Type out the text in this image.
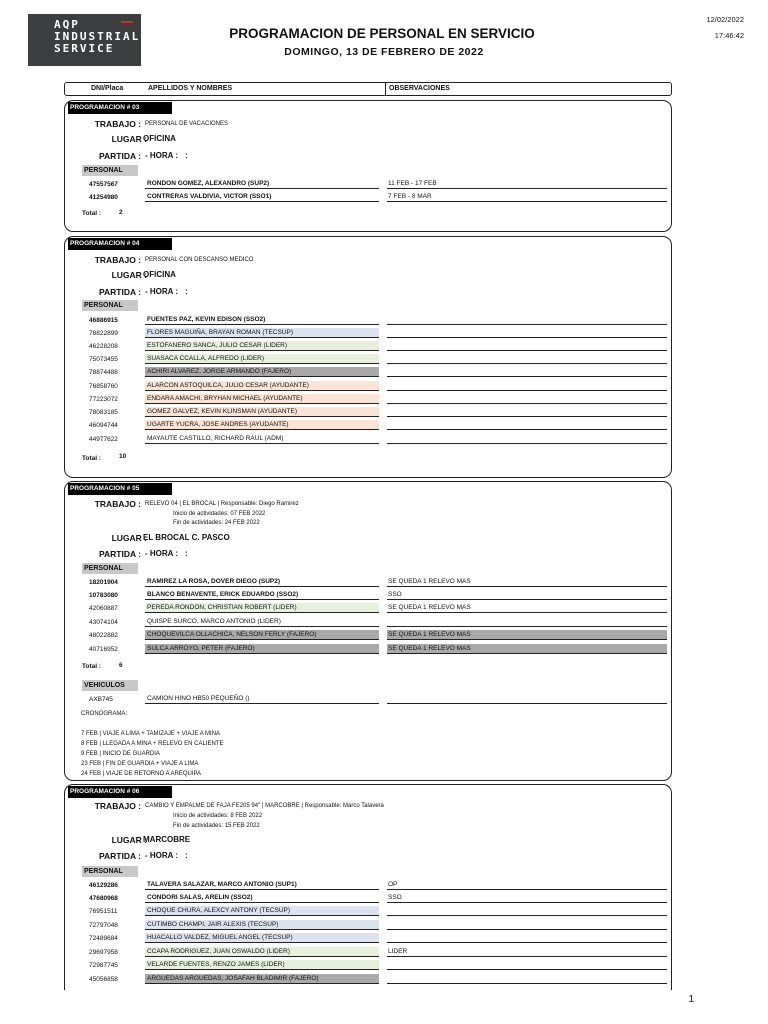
AQP
INDUSTRIAL
SERVICE
PROGRAMACION DE PERSONAL EN SERVICIO
DOMINGO, 13 DE FEBRERO DE 2022
12/02/2022
17:46:42
DNI/Placa	APELLIDOS Y NOMBRES	OBSERVACIONES
PROGRAMACION # 03
TRABAJO : PERSONAL DE VACACIONES
LUGAR :
OFICINA
PARTIDA : - HORA : :
PERSONAL
47557567	RONDON GOMEZ, ALEXANDRO (SUP2)	11 FEB - 17 FEB
41254980	CONTRERAS VALDIVIA, VICTOR (SSO1)	7 FEB - 8 MAR
Total :	2
PROGRAMACION # 04
TRABAJO : PERSONAL CON DESCANSO MEDICO
LUGAR :
OFICINA
PARTIDA : - HORA : :
PERSONAL
46886915	FUENTES PAZ, KEVIN EDISON (SSO2)
78822899	FLORES MAGUIÑA, BRAYAN ROMAN (TECSUP)
46228208	ESTOFANERO SANCA, JULIO CESAR (LIDER)
75073455	SUASACA CCALLA, ALFREDO (LIDER)
78874488	ACHIRI ALVAREZ, JORGE ARMANDO (FAJERO)
76858760	ALARCON ASTOQUILCA, JULIO CESAR (AYUDANTE)
77223072	ENDARA AMACHI, BRYHAN MICHAEL (AYUDANTE)
78083185	GOMEZ GALVEZ, KEVIN KLINSMAN (AYUDANTE)
46094744	UGARTE YUCRA, JOSE ANDRES (AYUDANTE)
44977622	MAYAUTE CASTILLO, RICHARD RAUL (ADM)
Total :	10
PROGRAMACION # 05
TRABAJO : RELEVO 04 | EL BROCAL | Responsable: Diego Ramirez
Inicio de actividades: 07 FEB 2022
Fin de actividades: 24 FEB 2022
LUGAR :
EL BROCAL C. PASCO
PARTIDA : - HORA : :
PERSONAL
18201904	RAMIREZ LA ROSA, DOVER DIEGO (SUP2)	SE QUEDA 1 RELEVO MAS
10783080	BLANCO BENAVENTE, ERICK EDUARDO (SSO2)	SSO
42060887	PEREDA RONDON, CHRISTIAN ROBERT (LIDER)	SE QUEDA 1 RELEVO MAS
43074104	QUISPE SURCO, MARCO ANTONIO (LIDER)
48022882	CHOQUEVILCA OLLACHICA, NELSON FERLY (FAJERO)	SE QUEDA 1 RELEVO MAS
40716952	SULCA ARROYO, PETER (FAJERO)	SE QUEDA 1 RELEVO MAS
Total :	6
VEHICULOS
AXB745	CAMION HINO HB50 PEQUEÑO ()
CRONOGRAMA:
7 FEB | VIAJE A LIMA + TAMIZAJE + VIAJE A MINA
8 FEB | LLEGADA A MINA + RELEVO EN CALIENTE
9 FEB | INICIO DE GUARDIA
23 FEB | FIN DE GUARDIA + VIAJE A LIMA
24 FEB | VIAJE DE RETORNO A AREQUIPA
PROGRAMACION # 06
TRABAJO : CAMBIO Y EMPALME DE FAJA FE205 94" | MARCOBRE | Responsable: Marco Talavera
Inicio de actividades: 8 FEB 2022
Fin de actividades: 15 FEB 2022
LUGAR :
MARCOBRE
PARTIDA : - HORA : :
PERSONAL
46129286	TALAVERA SALAZAR, MARCO ANTONIO (SUP1)	OP
47680968	CONDORI SALAS, ARELIN (SSO2)	SSO
76951511	CHOQUE CHURA, ALEXCY ANTONY (TECSUP)
72797048	CUTIMBO CHAMPI, JAIR ALEXIS (TECSUP)
72489684	HUACALLO VALDEZ, MIGUEL ANGEL (TECSUP)
29697958	CCAPA RODRIGUEZ, JUAN OSWALDO (LIDER)	LIDER
72987745	VELARDE FUENTES, RENZO JAMES (LIDER)
45056858	ARGUEDAS ARGUEDAS, JOSAFAH BLADIMIR (FAJERO)
1
